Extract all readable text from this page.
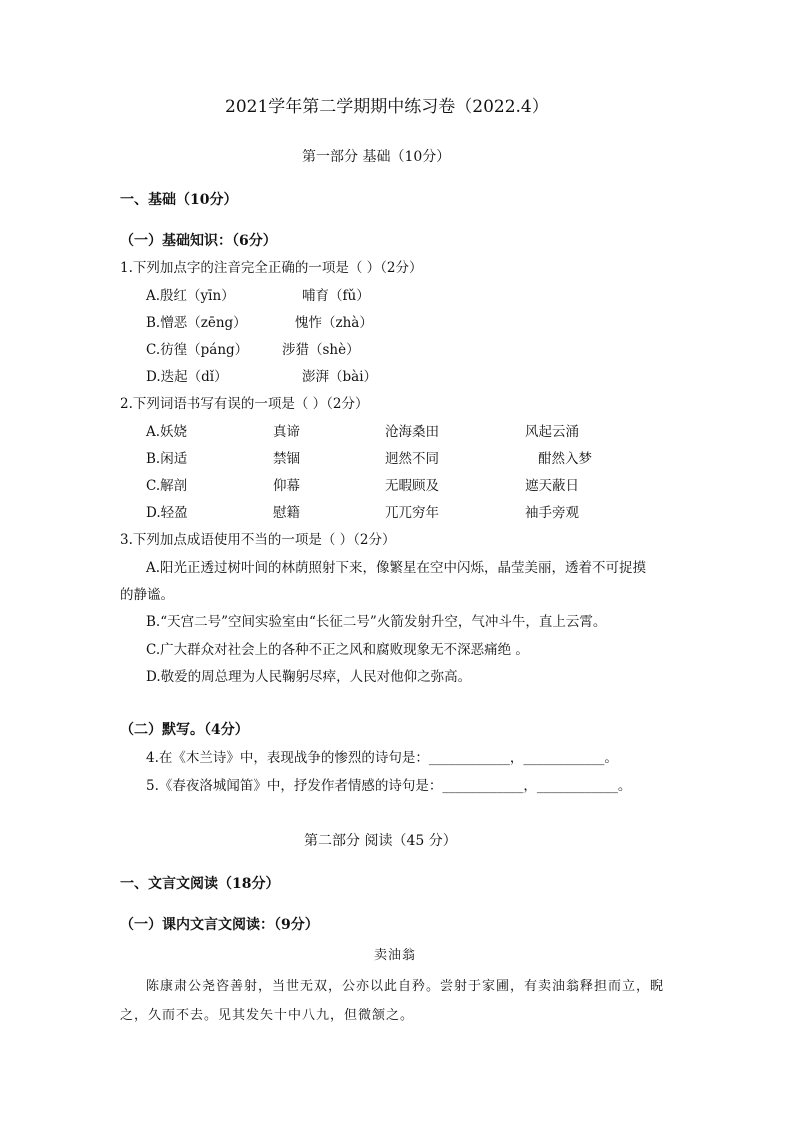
2021学年第二学期期中练习卷（2022.4）
第一部分 基础（10分）
一、基础（10分）
（一）基础知识：（6分）
1.下列加点字的注音完全正确的一项是（ ）（2分）
A.殷红（yīn）	哺育（fǔ）
B.憎恶（zēng）	愧怍（zhà）
C.彷徨（páng）	涉猎（shè）
D.迭起（dǐ）	澎湃（bài）
2.下列词语书写有误的一项是（ ）（2分）
A.妖娆	真谛	沧海桑田	风起云涌
B.闲适	禁锢	迥然不同	酣然入梦
C.解剖	仰幕	无暇顾及	遮天蔽日
D.轻盈	慰籍	兀兀穷年	袖手旁观
3.下列加点成语使用不当的一项是（ ）（2分）
A.阳光正透过树叶间的林荫照射下来，像繁星在空中闪烁，晶莹美丽，透着不可捉摸
的静谧。
B.“天宫二号”空间实验室由“长征二号”火箭发射升空，气冲斗牛，直上云霄。
C.广大群众对社会上的各种不正之风和腐败现象无不深恶痛绝 。
D.敬爱的周总理为人民鞠躬尽瘁，人民对他仰之弥高。
（二）默写。（4分）
4.在《木兰诗》中，表现战争的惨烈的诗句是：____________，____________。
5.《春夜洛城闻笛》中，抒发作者情感的诗句是：____________，____________。
第二部分 阅读（45 分）
一、文言文阅读（18分）
（一）课内文言文阅读：（9分）
卖油翁
陈康肃公尧咨善射，当世无双，公亦以此自矜。尝射于家圃，有卖油翁释担而立，睨
之，久而不去。见其发矢十中八九，但微颔之。
